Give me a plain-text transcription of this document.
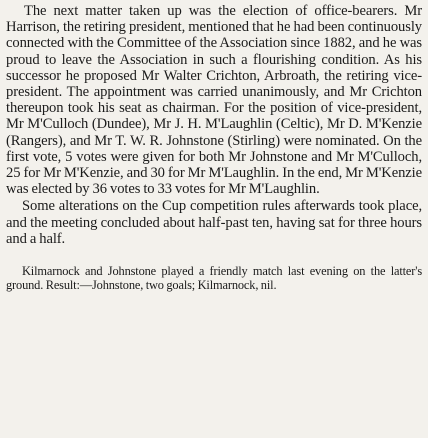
The next matter taken up was the election of office-bearers. Mr Harrison, the retiring president, mentioned that he had been continuously connected with the Committee of the Association since 1882, and he was proud to leave the Association in such a flourishing condition. As his successor he proposed Mr Walter Crichton, Arbroath, the retiring vice-president. The appointment was carried unanimously, and Mr Crichton thereupon took his seat as chairman. For the position of vice-president, Mr M'Culloch (Dundee), Mr J. H. M'Laughlin (Celtic), Mr D. M'Kenzie (Rangers), and Mr T. W. R. Johnstone (Stirling) were nominated. On the first vote, 5 votes were given for both Mr Johnstone and Mr M'Culloch, 25 for Mr M'Kenzie, and 30 for Mr M'Laughlin. In the end, Mr M'Kenzie was elected by 36 votes to 33 votes for Mr M'Laughlin.

Some alterations on the Cup competition rules afterwards took place, and the meeting concluded about half-past ten, having sat for three hours and a half.

Kilmarnock and Johnstone played a friendly match last evening on the latter's ground. Result:—Johnstone, two goals; Kilmarnock, nil.
